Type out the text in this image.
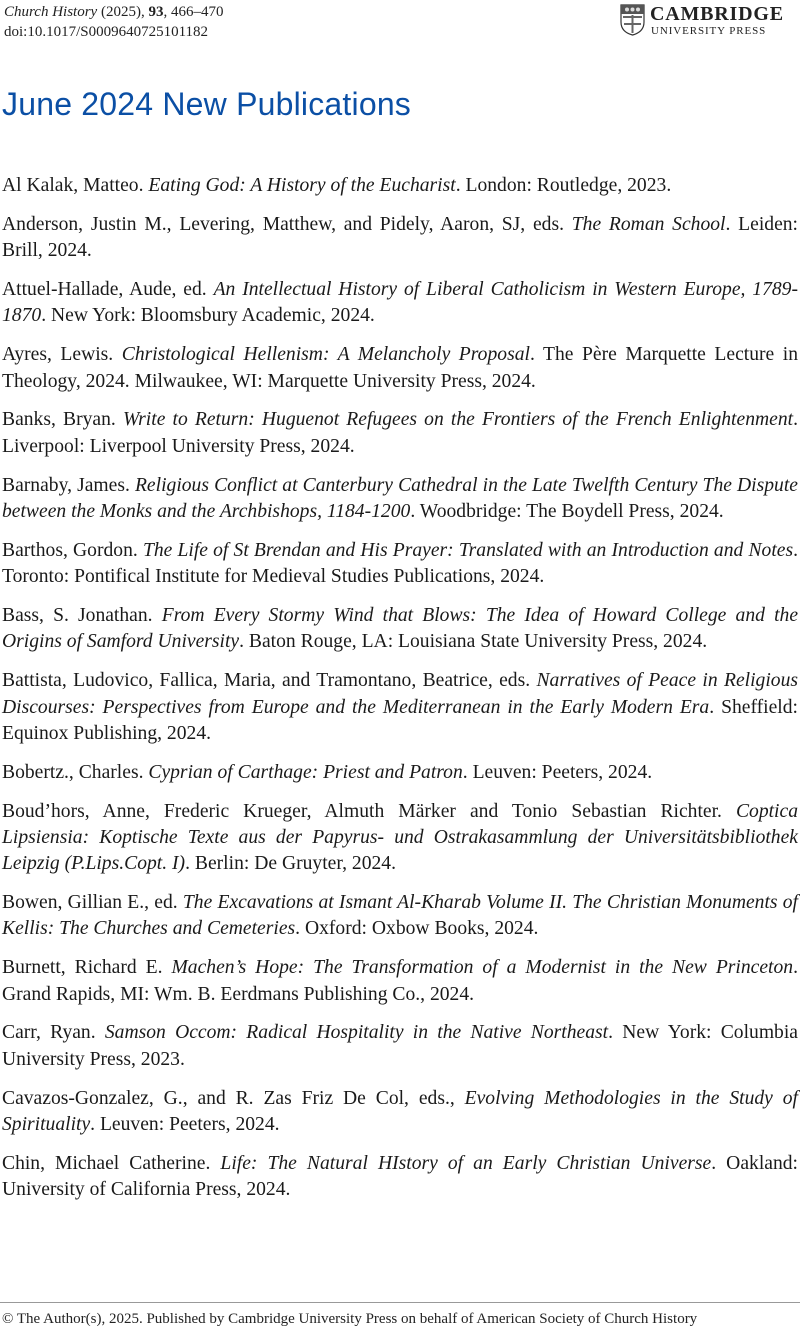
Church History (2025), 93, 466–470
doi:10.1017/S0009640725101182
CAMBRIDGE
UNIVERSITY PRESS
June 2024 New Publications

Al Kalak, Matteo. Eating God: A History of the Eucharist. London: Routledge, 2023.

Anderson, Justin M., Levering, Matthew, and Pidely, Aaron, SJ, eds. The Roman School. Leiden: Brill, 2024.

Attuel-Hallade, Aude, ed. An Intellectual History of Liberal Catholicism in Western Europe, 1789-1870. New York: Bloomsbury Academic, 2024.

Ayres, Lewis. Christological Hellenism: A Melancholy Proposal. The Père Marquette Lecture in Theology, 2024. Milwaukee, WI: Marquette University Press, 2024.

Banks, Bryan. Write to Return: Huguenot Refugees on the Frontiers of the French Enlightenment. Liverpool: Liverpool University Press, 2024.

Barnaby, James. Religious Conflict at Canterbury Cathedral in the Late Twelfth Century The Dispute between the Monks and the Archbishops, 1184-1200. Woodbridge: The Boydell Press, 2024.

Barthos, Gordon. The Life of St Brendan and His Prayer: Translated with an Introduction and Notes. Toronto: Pontifical Institute for Medieval Studies Publications, 2024.

Bass, S. Jonathan. From Every Stormy Wind that Blows: The Idea of Howard College and the Origins of Samford University. Baton Rouge, LA: Louisiana State University Press, 2024.

Battista, Ludovico, Fallica, Maria, and Tramontano, Beatrice, eds. Narratives of Peace in Religious Discourses: Perspectives from Europe and the Mediterranean in the Early Modern Era. Sheffield: Equinox Publishing, 2024.

Bobertz., Charles. Cyprian of Carthage: Priest and Patron. Leuven: Peeters, 2024.

Boud’hors, Anne, Frederic Krueger, Almuth Märker and Tonio Sebastian Richter. Coptica Lipsiensia: Koptische Texte aus der Papyrus- und Ostrakasammlung der Universitätsbibliothek Leipzig (P.Lips.Copt. I). Berlin: De Gruyter, 2024.

Bowen, Gillian E., ed. The Excavations at Ismant Al-Kharab Volume II. The Christian Monuments of Kellis: The Churches and Cemeteries. Oxford: Oxbow Books, 2024.

Burnett, Richard E. Machen’s Hope: The Transformation of a Modernist in the New Princeton. Grand Rapids, MI: Wm. B. Eerdmans Publishing Co., 2024.

Carr, Ryan. Samson Occom: Radical Hospitality in the Native Northeast. New York: Columbia University Press, 2023.

Cavazos-Gonzalez, G., and R. Zas Friz De Col, eds., Evolving Methodologies in the Study of Spirituality. Leuven: Peeters, 2024.

Chin, Michael Catherine. Life: The Natural HIstory of an Early Christian Universe. Oakland: University of California Press, 2024.

© The Author(s), 2025. Published by Cambridge University Press on behalf of American Society of Church History
